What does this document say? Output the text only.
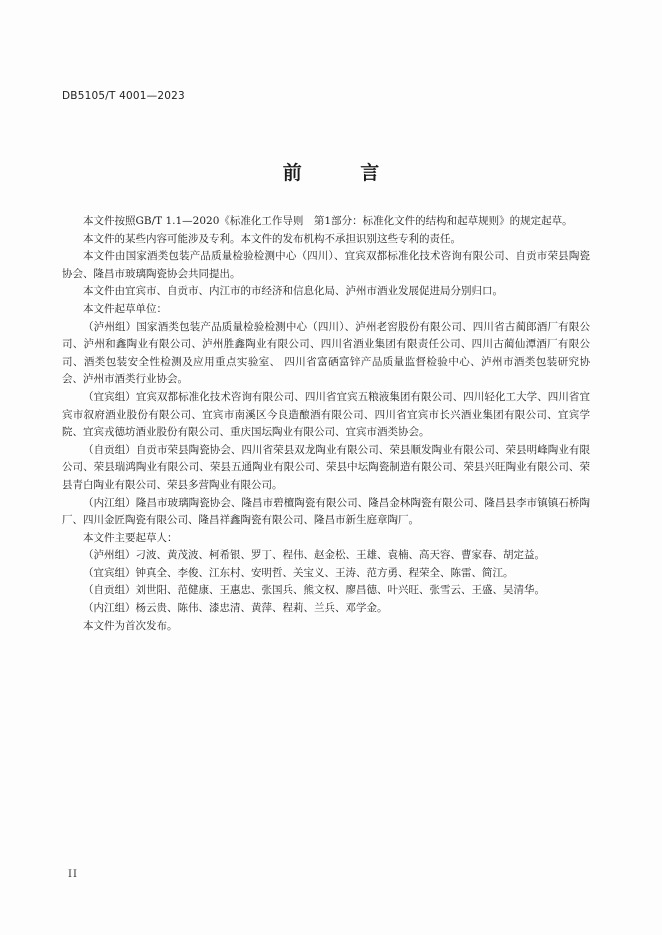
DB5105/T 4001—2023
前 言

本文件按照GB/T 1.1—2020《标准化工作导则　第1部分：标准化文件的结构和起草规则》的规定起草。

本文件的某些内容可能涉及专利。本文件的发布机构不承担识别这些专利的责任。

本文件由国家酒类包装产品质量检验检测中心（四川）、宜宾双都标准化技术咨询有限公司、自贡市荣县陶瓷协会、隆昌市玻璃陶瓷协会共同提出。

本文件由宜宾市、自贡市、内江市的市经济和信息化局、泸州市酒业发展促进局分别归口。

本文件起草单位：

（泸州组）国家酒类包装产品质量检验检测中心（四川）、泸州老窖股份有限公司、四川省古蔺郎酒厂有限公司、泸州和鑫陶业有限公司、泸州胜鑫陶业有限公司、四川省酒业集团有限责任公司、四川古蔺仙潭酒厂有限公司、酒类包装安全性检测及应用重点实验室、 四川省富硒富锌产品质量监督检验中心、泸州市酒类包装研究协会、泸州市酒类行业协会。

（宜宾组）宜宾双都标准化技术咨询有限公司、四川省宜宾五粮液集团有限公司、四川轻化工大学、四川省宜宾市叙府酒业股份有限公司、宜宾市南溪区今良造酿酒有限公司、四川省宜宾市长兴酒业集团有限公司、宜宾学院、宜宾戎德坊酒业股份有限公司、重庆国坛陶业有限公司、宜宾市酒类协会。

（自贡组）自贡市荣县陶瓷协会、四川省荣县双龙陶业有限公司、荣县顺发陶业有限公司、荣县明峰陶业有限公司、荣县瑞鸿陶业有限公司、荣县五通陶业有限公司、荣县中坛陶瓷制造有限公司、荣县兴旺陶业有限公司、荣县青白陶业有限公司、荣县多营陶业有限公司。

（内江组）隆昌市玻璃陶瓷协会、隆昌市碧檀陶瓷有限公司、隆昌金林陶瓷有限公司、隆昌县李市镇镇石桥陶厂、四川金匠陶瓷有限公司、隆昌祥鑫陶瓷有限公司、隆昌市新生庭章陶厂。

本文件主要起草人：

（泸州组）刁波、黄茂波、柯希银、罗丁、程伟、赵金松、王雄、袁楠、高天容、曹家春、胡定益。

（宜宾组）钟真全、李俊、江东村、安明哲、关宝义、王涛、范方勇、程荣全、陈雷、简江。

（自贡组）刘世阳、范健康、王惠忠、张国兵、熊文权、廖昌德、叶兴旺、张雪云、王盛、吴清华。

（内江组）杨云贵、陈伟、漆忠清、黄萍、程莉、兰兵、邓学金。

本文件为首次发布。

II
